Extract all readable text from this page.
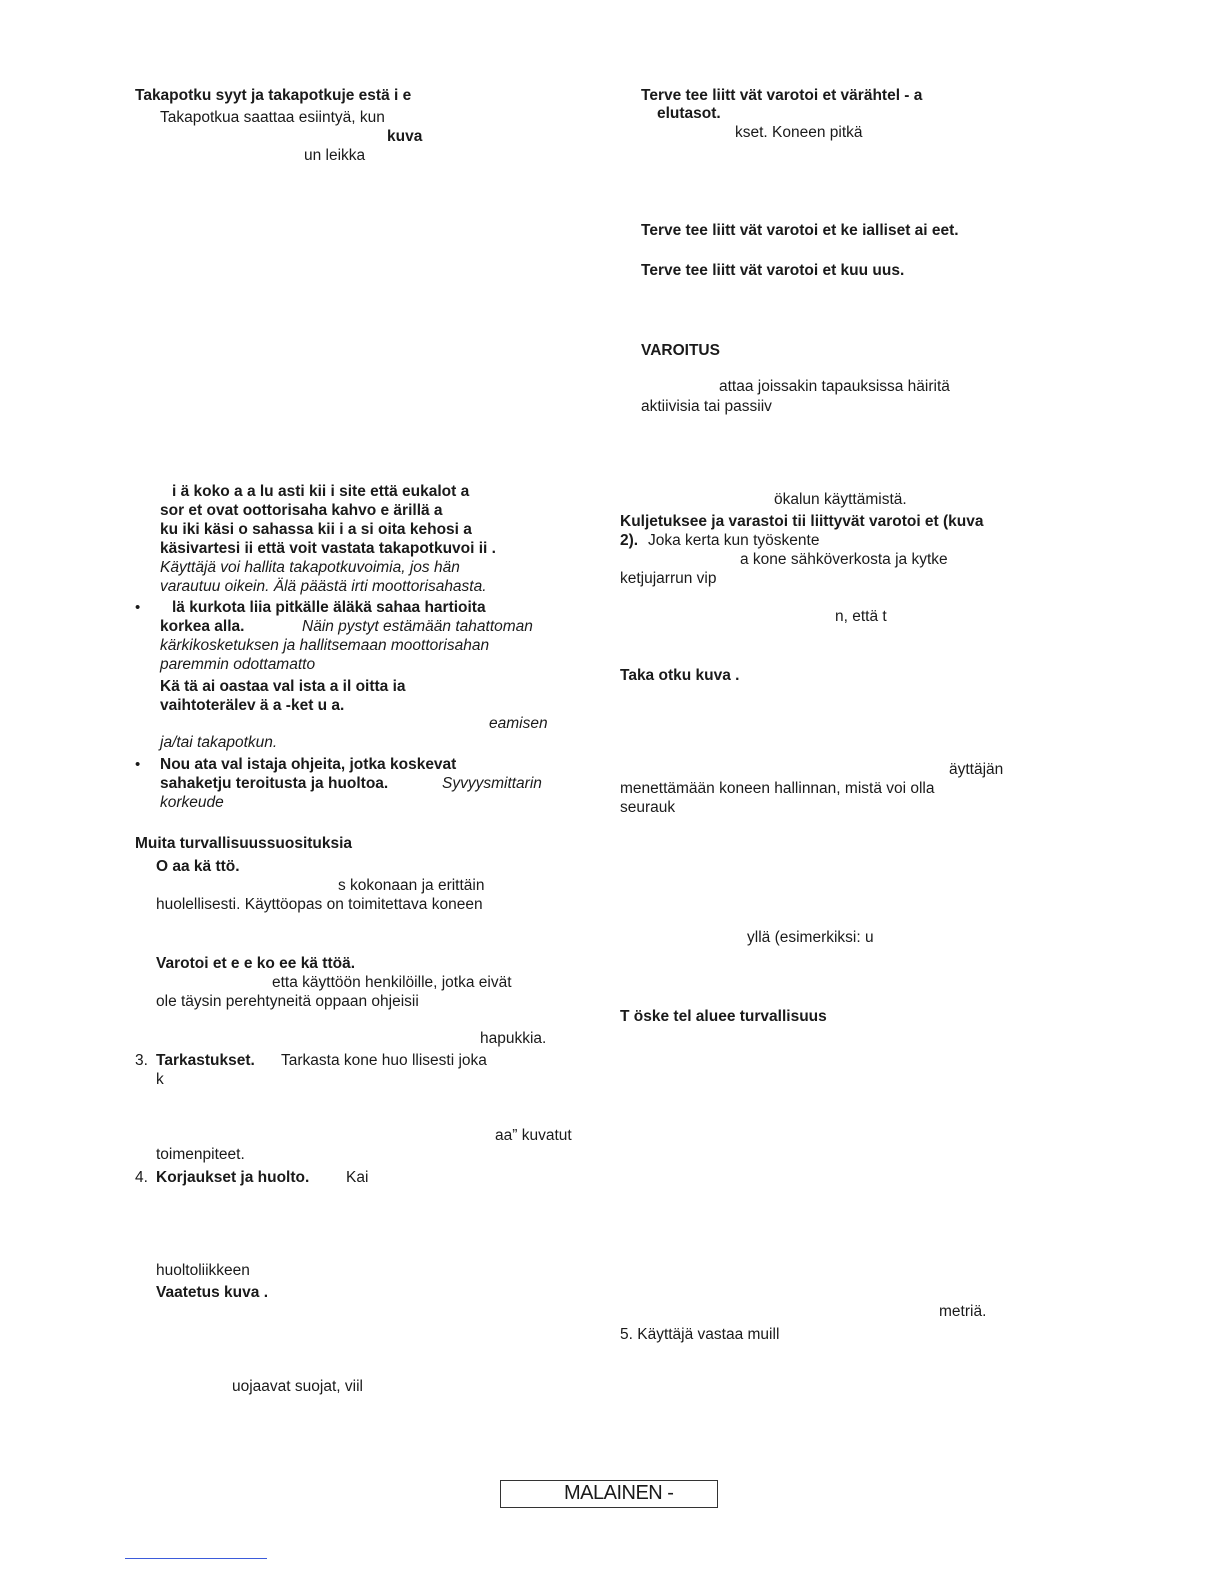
Takapotku syyt ja takapotkuje estä i e
Takapotkua saattaa esiintyä, kun
kuva
un leikka
i ä koko a a lu asti kii i site että eukalot a
sor et ovat oottorisaha kahvo e ärillä a
ku iki käsi o sahassa kii i a si oita kehosi a
käsivartesi ii että voit vastata takapotkuvoi ii .
Käyttäjä voi hallita takapotkuvoimia, jos hän
varautuu oikein. Älä päästä irti moottorisahasta.
• lä kurkota liia pitkälle äläkä sahaa hartioita
korkea alla.	Näin pystyt estämään tahattoman
kärkikosketuksen ja hallitsemaan moottorisahan
paremmin odottamatto
Kä tä ai oastaa val ista a il oitta ia
vaihtoterälev ä a -ket u a.
eamisen
ja/tai takapotkun.
• Nou ata val istaja ohjeita, jotka koskevat
sahaketju teroitusta ja huoltoa.	Syvyysmittarin
korkeude
Muita turvallisuussuosituksia
O aa kä ttö.
s kokonaan ja erittäin
huolellisesti. Käyttöopas on toimitettava koneen
Varotoi et e e ko ee kä ttöä.
etta käyttöön henkilöille, jotka eivät
ole täysin perehtyneitä oppaan ohjeisii
hapukkia.
3. Tarkastukset. Tarkasta kone huo llisesti joka
k
aa” kuvatut
toimenpiteet.
4. Korjaukset ja huolto. Kai
huoltoliikkeen
Vaatetus kuva .
uojaavat suojat, viil
Terve tee liitt vät varotoi et värähtel - a
elutasot.
kset. Koneen pitkä
Terve tee liitt vät varotoi et ke ialliset ai eet.
Terve tee liitt vät varotoi et kuu uus.
VAROITUS
attaa joissakin tapauksissa häiritä
aktiivisia tai passiiv
ökalun käyttämistä.
Kuljetuksee ja varastoi tii liittyvät varotoi et (kuva
2). Joka kerta kun työskente
a kone sähköverkosta ja kytke
ketjujarrun vip
n, että t
Taka otku kuva .
äyttäjän
menettämään koneen hallinnan, mistä voi olla
seurauk
yllä (esimerkiksi: u
T öske tel aluee turvallisuus
metriä.
5. Käyttäjä vastaa muill
MALAINEN -
